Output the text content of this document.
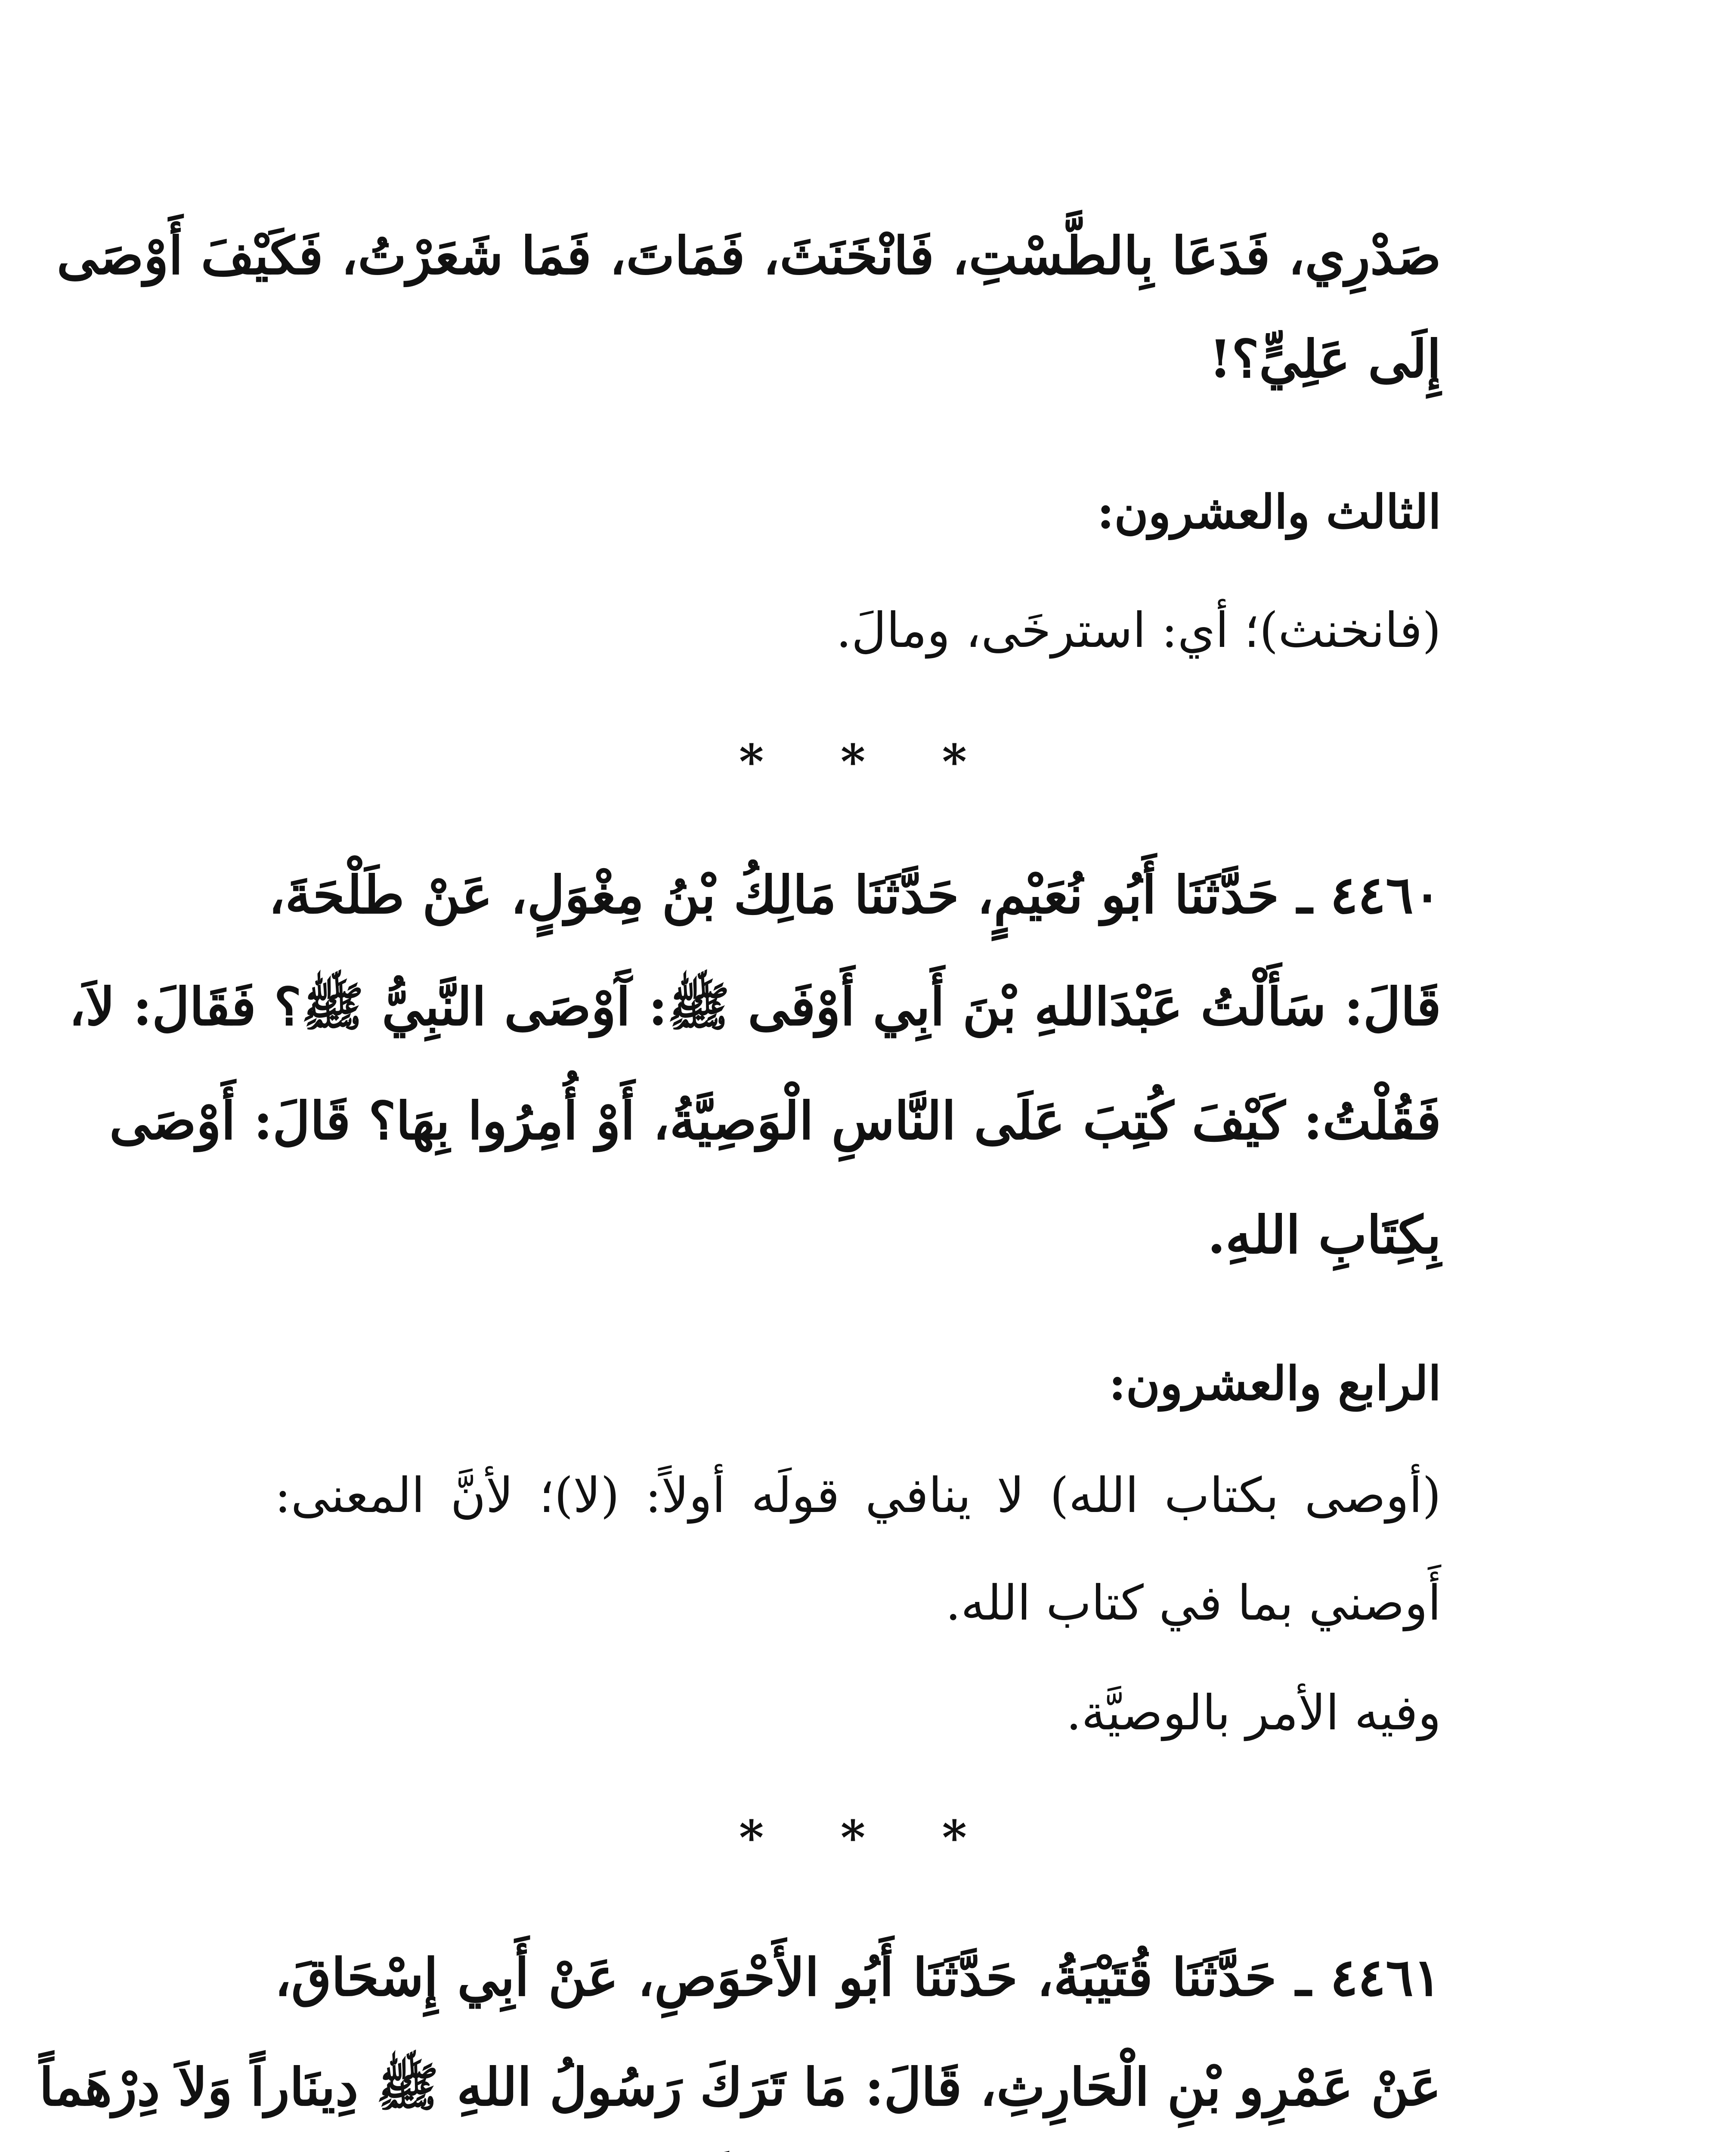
صَدْرِي، فَدَعَا بِالطَّسْتِ، فَانْخَنَثَ، فَمَاتَ، فَمَا شَعَرْتُ، فَكَيْفَ أَوْصَى
إِلَى عَلِيٍّ؟!
الثالث والعشرون:
(فانخنث)؛ أي: استرخَى، ومالَ.
* * *
٤٤٦٠ ـ حَدَّثَنَا أَبُو نُعَيْمٍ، حَدَّثَنَا مَالِكُ بْنُ مِغْوَلٍ، عَنْ طَلْحَةَ،
قَالَ: سَأَلْتُ عَبْدَاللهِ بْنَ أَبِي أَوْفَى ﷺ: آَوْصَى النَّبِيُّ ﷺ؟ فَقَالَ: لاَ،
فَقُلْتُ: كَيْفَ كُتِبَ عَلَى النَّاسِ الْوَصِيَّةُ، أَوْ أُمِرُوا بِهَا؟ قَالَ: أَوْصَى
بِكِتَابِ اللهِ.
الرابع والعشرون:
(أوصى بكتاب الله) لا ينافي قولَه أولاً: (لا)؛ لأنَّ المعنى:
أَوصني بما في كتاب الله.
وفيه الأمر بالوصيَّة.
* * *
٤٤٦١ ـ حَدَّثَنَا قُتَيْبَةُ، حَدَّثَنَا أَبُو الأَحْوَصِ، عَنْ أَبِي إِسْحَاقَ،
عَنْ عَمْرِو بْنِ الْحَارِثِ، قَالَ: مَا تَرَكَ رَسُولُ اللهِ ﷺ دِينَاراً وَلاَ دِرْهَماً
